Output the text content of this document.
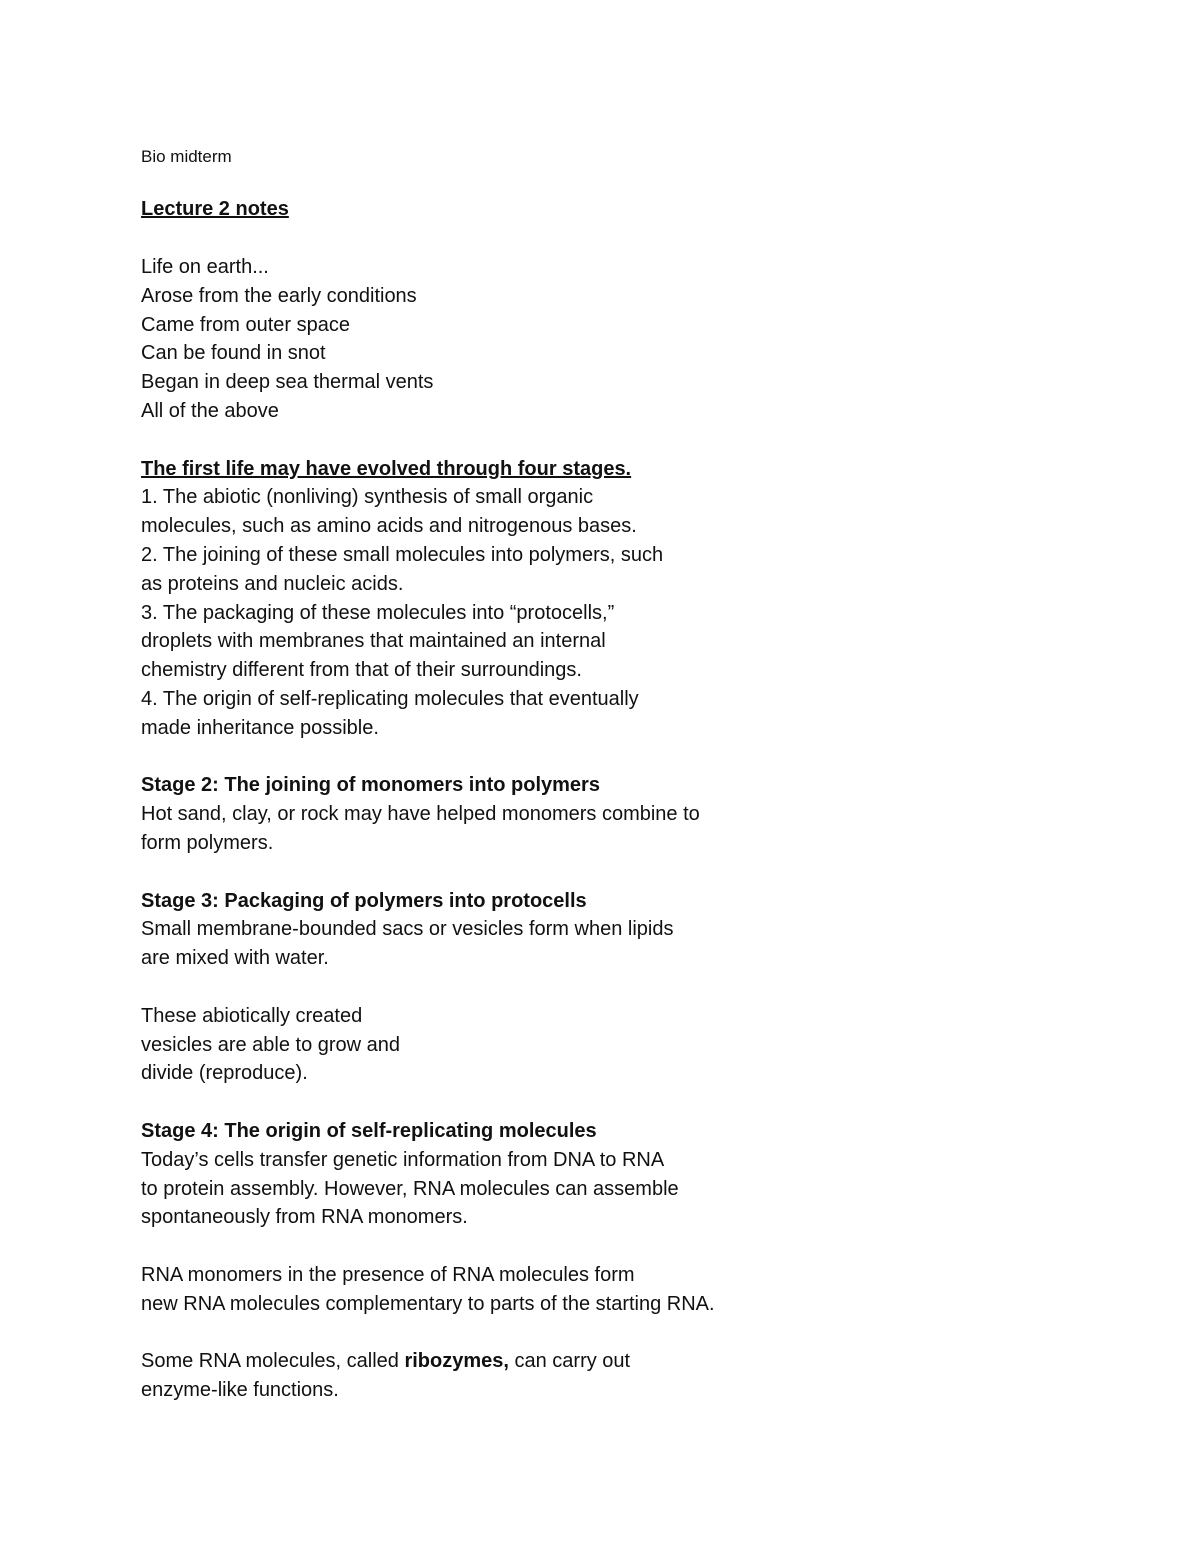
Bio midterm

Lecture 2 notes

Life on earth...

Arose from the early conditions

Came from outer space

Can be found in snot

Began in deep sea thermal vents

All of the above

The first life may have evolved through four stages.

1. The abiotic (nonliving) synthesis of small organic

molecules, such as amino acids and nitrogenous bases.

2. The joining of these small molecules into polymers, such

as proteins and nucleic acids.

3. The packaging of these molecules into “protocells,”

droplets with membranes that maintained an internal

chemistry different from that of their surroundings.

4. The origin of self-replicating molecules that eventually

made inheritance possible.

Stage 2: The joining of monomers into polymers

Hot sand, clay, or rock may have helped monomers combine to

form polymers.

Stage 3: Packaging of polymers into protocells

Small membrane-bounded sacs or vesicles form when lipids

are mixed with water.

These abiotically created

vesicles are able to grow and

divide (reproduce).

Stage 4: The origin of self-replicating molecules

Today’s cells transfer genetic information from DNA to RNA

to protein assembly. However, RNA molecules can assemble

spontaneously from RNA monomers.

RNA monomers in the presence of RNA molecules form

new RNA molecules complementary to parts of the starting RNA.

Some RNA molecules, called ribozymes, can carry out

enzyme-like functions.
